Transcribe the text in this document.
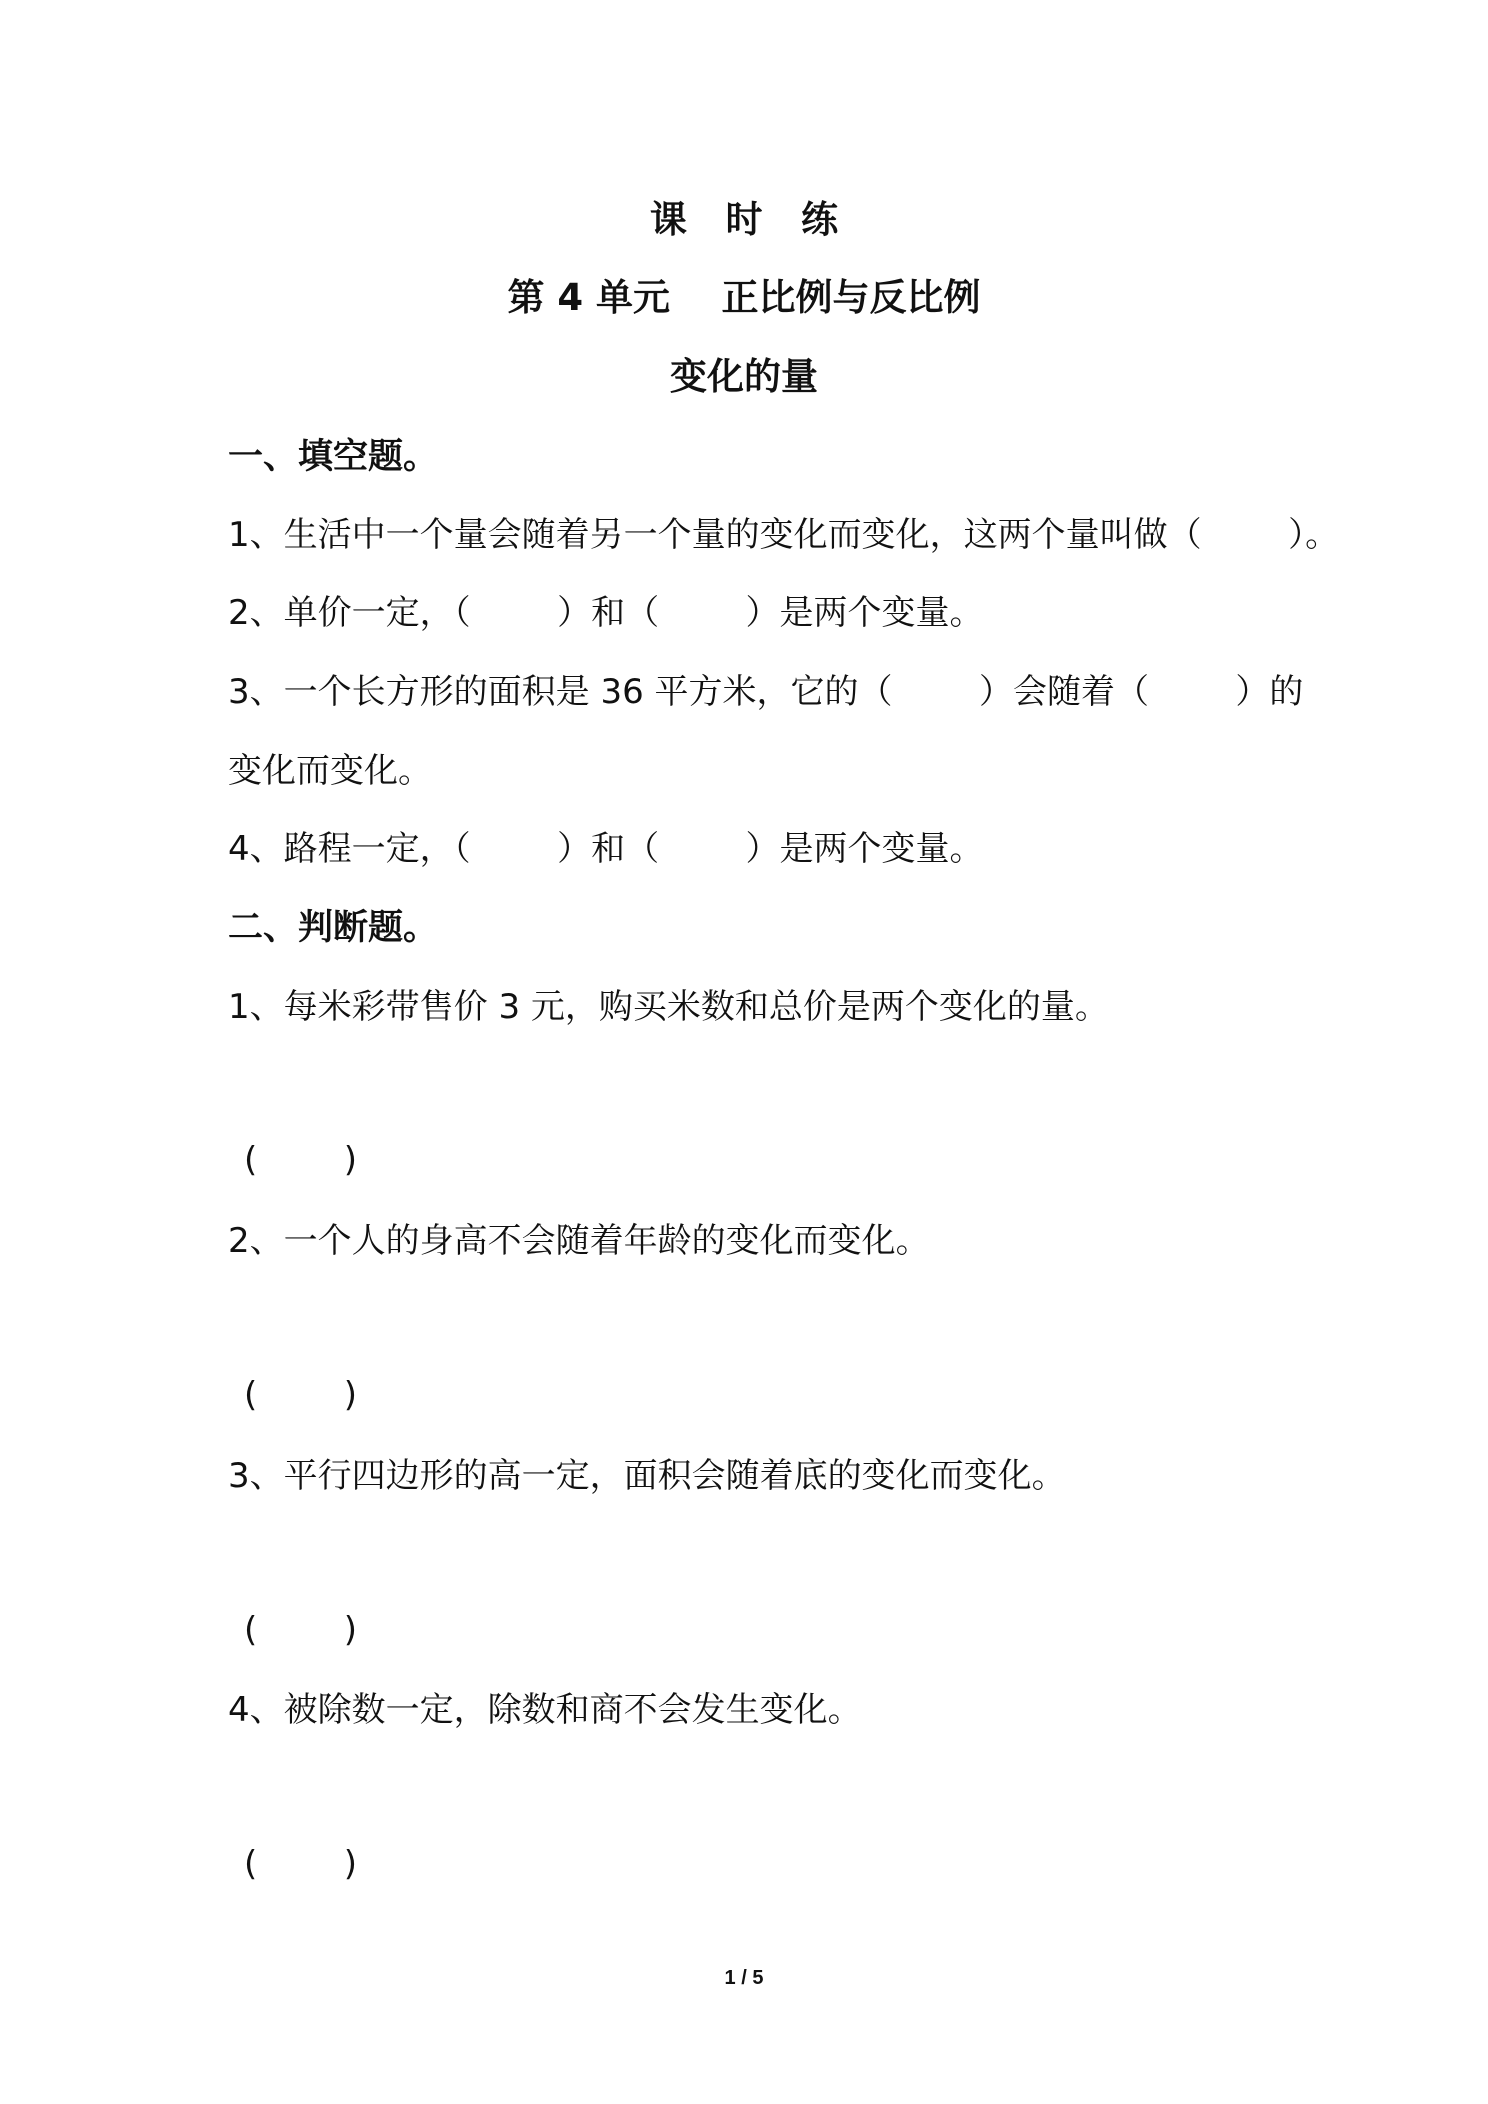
课   时   练
第 4 单元    正比例与反比例
变化的量
一、填空题。
1、生活中一个量会随着另一个量的变化而变化，这两个量叫做（        ）。
2、单价一定，（        ）和（        ）是两个变量。
3、一个长方形的面积是 36 平方米，它的（        ）会随着（        ）的
变化而变化。
4、路程一定，（        ）和（        ）是两个变量。
二、判断题。
1、每米彩带售价 3 元，购买米数和总价是两个变化的量。
(        )
2、一个人的身高不会随着年龄的变化而变化。
(        )
3、平行四边形的高一定，面积会随着底的变化而变化。
(        )
4、被除数一定，除数和商不会发生变化。
(        )
1 / 5
